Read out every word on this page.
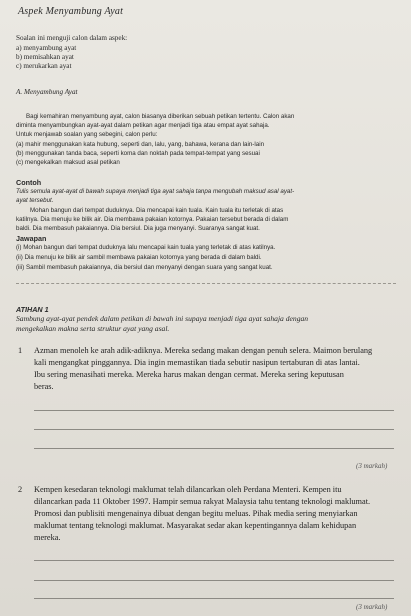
Aspek Menyambung Ayat
Soalan ini menguji calon dalam aspek:
a) menyambung ayat
b) memisahkan ayat
c) merukarkan ayat
A. Menyambung Ayat
Bagi kemahiran menyambung ayat, calon biasanya diberikan sebuah petikan tertentu. Calon akan
diminta menyambungkan ayat-ayat dalam petikan agar menjadi tiga atau empat ayat sahaja.
Untuk menjawab soalan yang sebegini, calon perlu:
(a) mahir menggunakan kata hubung, seperti dan, lalu, yang, bahawa, kerana dan lain-lain
(b) menggunakan tanda baca, seperti koma dan noktah pada tempat-tempat yang sesuai
(c) mengekalkan maksud asal petikan
Contoh
Tulis semula ayat-ayat di bawah supaya menjadi tiga ayat sahaja tanpa mengubah maksud asal ayat-
ayat tersebut.
Mohan bangun dari tempat duduknya. Dia mencapai kain tuala. Kain tuala itu terletak di atas
katilnya. Dia menuju ke bilik air. Dia membawa pakaian kotornya. Pakaian tersebut berada di dalam
baldi. Dia membasuh pakaiannya. Dia bersiul. Dia juga menyanyi. Suaranya sangat kuat.
Jawapan
(i) Mohan bangun dari tempat duduknya lalu mencapai kain tuala yang terletak di atas katilnya.
(ii) Dia menuju ke bilik air sambil membawa pakaian kotornya yang berada di dalam baldi.
(iii) Sambil membasuh pakaiannya, dia bersiul dan menyanyi dengan suara yang sangat kuat.
ATIHAN 1
Sambung ayat-ayat pendek dalam petikan di bawah ini supaya menjadi tiga ayat sahaja dengan
mengekalkan makna serta struktur ayat yang asal.
1 Azman menoleh ke arah adik-adiknya. Mereka sedang makan dengan penuh selera. Maimon berulang
kali mengangkat pinggannya. Dia ingin memastikan tiada sebutir nasipun tertaburan di atas lantai.
Ibu sering menasihati mereka. Mereka harus makan dengan cermat. Mereka sering keputusan
beras.
(3 markah)
2 Kempen kesedaran teknologi maklumat telah dilancarkan oleh Perdana Menteri. Kempen itu
dilancarkan pada 11 Oktober 1997. Hampir semua rakyat Malaysia tahu tentang teknologi maklumat.
Promosi dan publisiti mengenainya dibuat dengan begitu meluas. Pihak media sering menyiarkan
maklumat tentang teknologi maklumat. Masyarakat sedar akan kepentingannya dalam kehidupan
mereka.
(3 markah)
